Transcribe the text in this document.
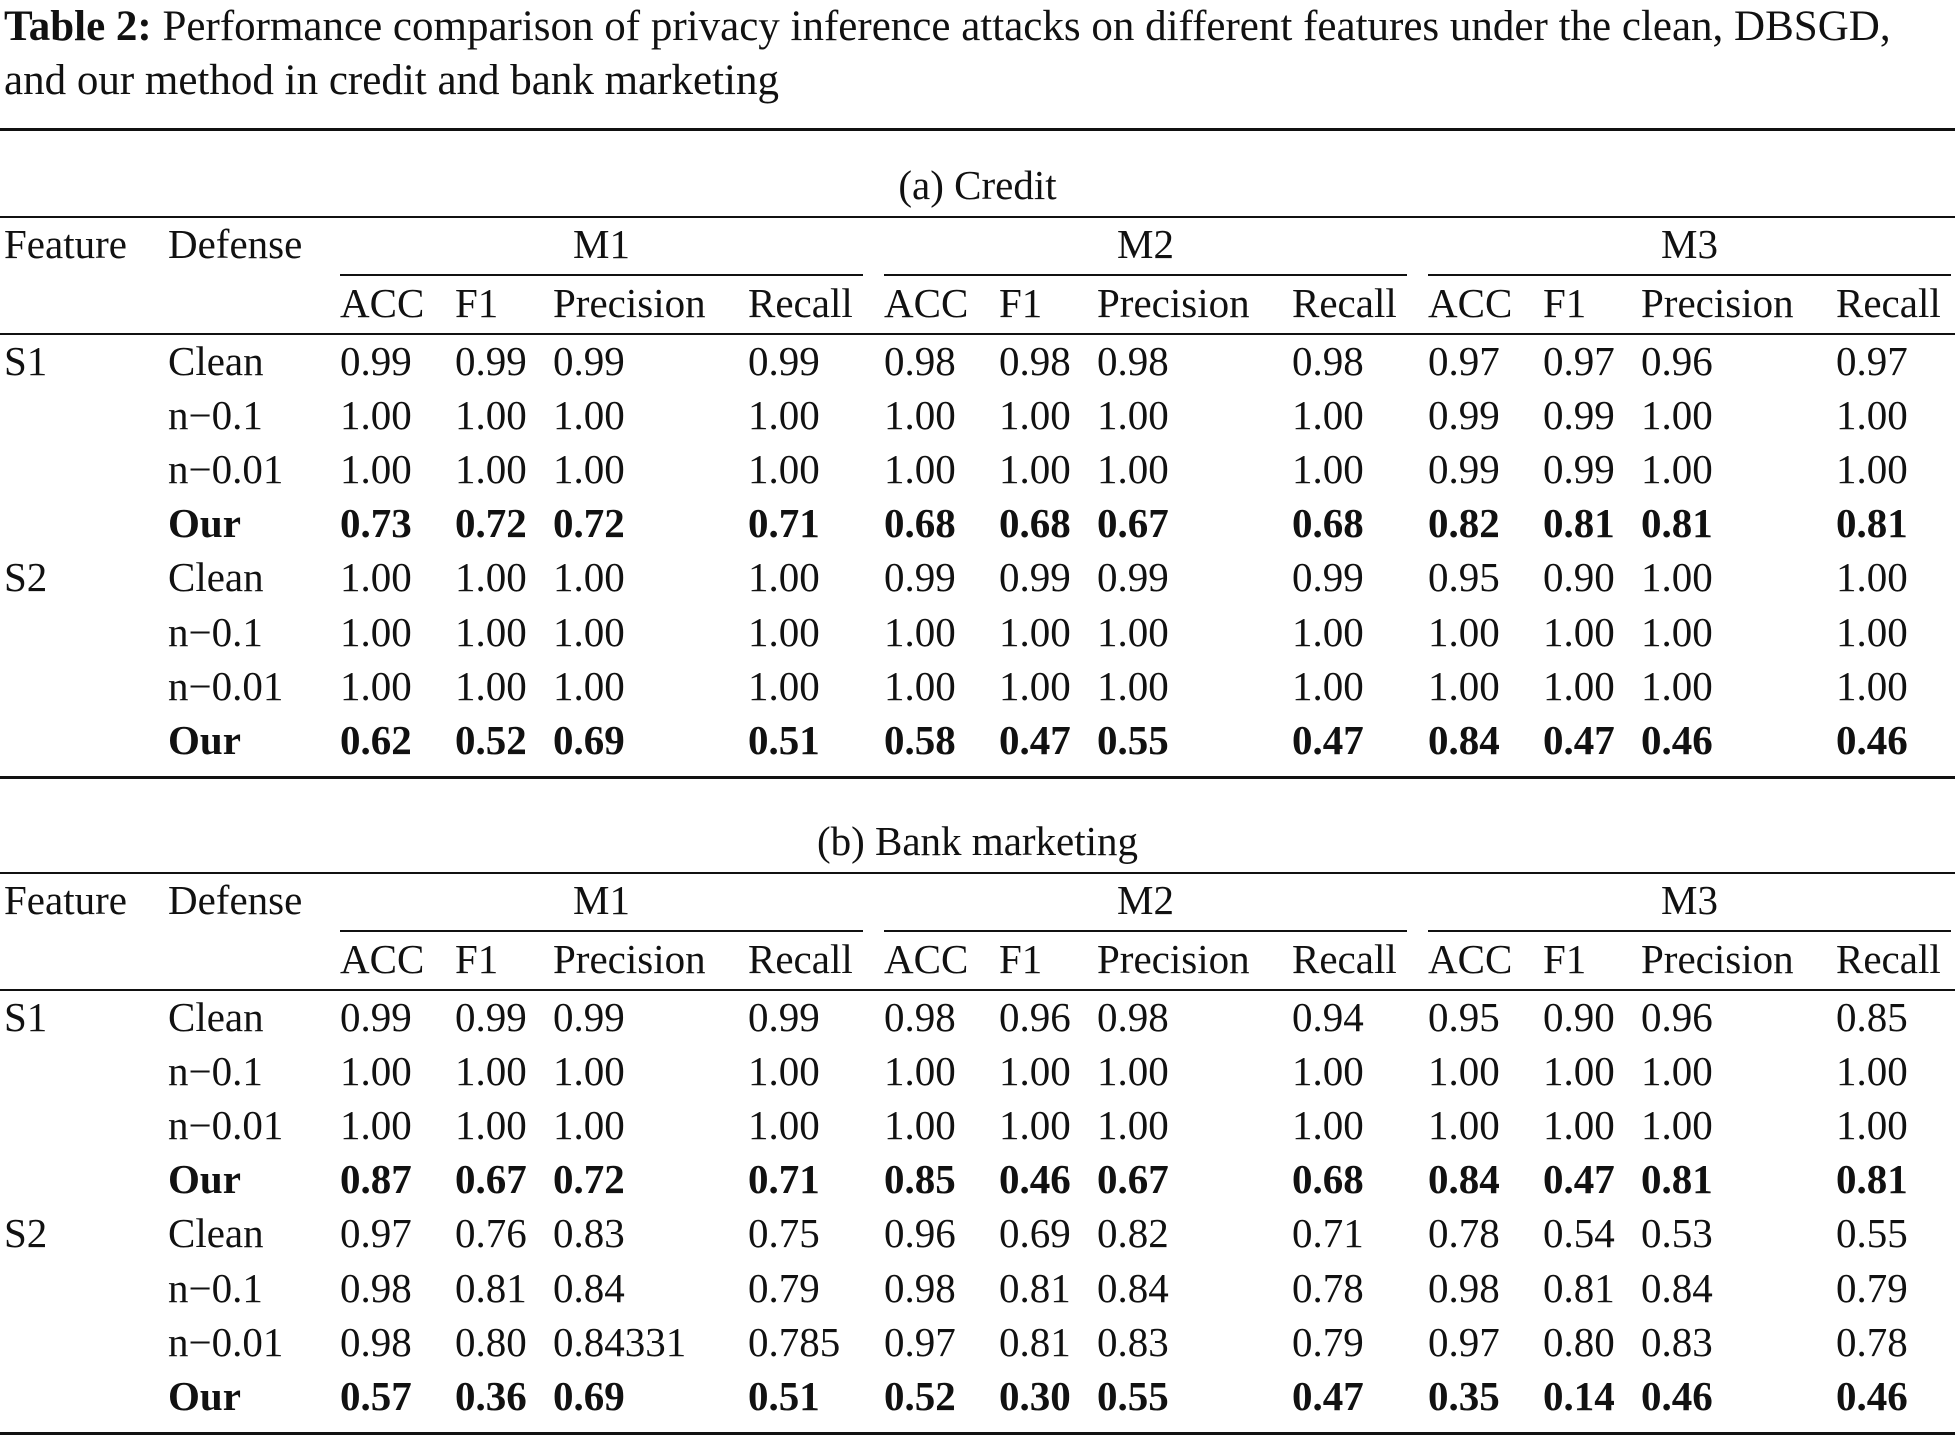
Table 2: Performance comparison of privacy inference attacks on different features under the clean, DBSGD, and our method in credit and bank marketing
(a) Credit
Feature Defense	M1	M2	M3
ACC F1 Precision Recall ACC F1 Precision Recall ACC F1 Precision Recall
S1	Clean 0.99 0.99 0.99	0.99 0.98 0.98 0.98	0.98 0.97 0.97 0.96	0.97
n−0.1 1.00 1.00 1.00	1.00 1.00 1.00 1.00	1.00 0.99 0.99 1.00	1.00
n−0.01 1.00 1.00 1.00	1.00 1.00 1.00 1.00	1.00 0.99 0.99 1.00	1.00
Our 0.73 0.72 0.72	0.71 0.68 0.68 0.67	0.68 0.82 0.81 0.81	0.81
S2	Clean 1.00 1.00 1.00	1.00 0.99 0.99 0.99	0.99 0.95 0.90 1.00	1.00
n−0.1 1.00 1.00 1.00	1.00 1.00 1.00 1.00	1.00 1.00 1.00 1.00	1.00
n−0.01 1.00 1.00 1.00	1.00 1.00 1.00 1.00	1.00 1.00 1.00 1.00	1.00
Our 0.62 0.52 0.69	0.51 0.58 0.47 0.55	0.47 0.84 0.47 0.46	0.46
(b) Bank marketing
Feature Defense	M1	M2	M3
ACC F1 Precision Recall ACC F1 Precision Recall ACC F1 Precision Recall
S1	Clean 0.99 0.99 0.99	0.99 0.98 0.96 0.98	0.94 0.95 0.90 0.96	0.85
n−0.1 1.00 1.00 1.00	1.00 1.00 1.00 1.00	1.00 1.00 1.00 1.00	1.00
n−0.01 1.00 1.00 1.00	1.00 1.00 1.00 1.00	1.00 1.00 1.00 1.00	1.00
Our 0.87 0.67 0.72	0.71 0.85 0.46 0.67	0.68 0.84 0.47 0.81	0.81
S2	Clean 0.97 0.76 0.83	0.75 0.96 0.69 0.82	0.71 0.78 0.54 0.53	0.55
n−0.1 0.98 0.81 0.84	0.79 0.98 0.81 0.84	0.78 0.98 0.81 0.84	0.79
n−0.01 0.98 0.80 0.84331 0.785 0.97 0.81 0.83	0.79 0.97 0.80 0.83	0.78
Our 0.57 0.36 0.69	0.51 0.52 0.30 0.55	0.47 0.35 0.14 0.46	0.46
